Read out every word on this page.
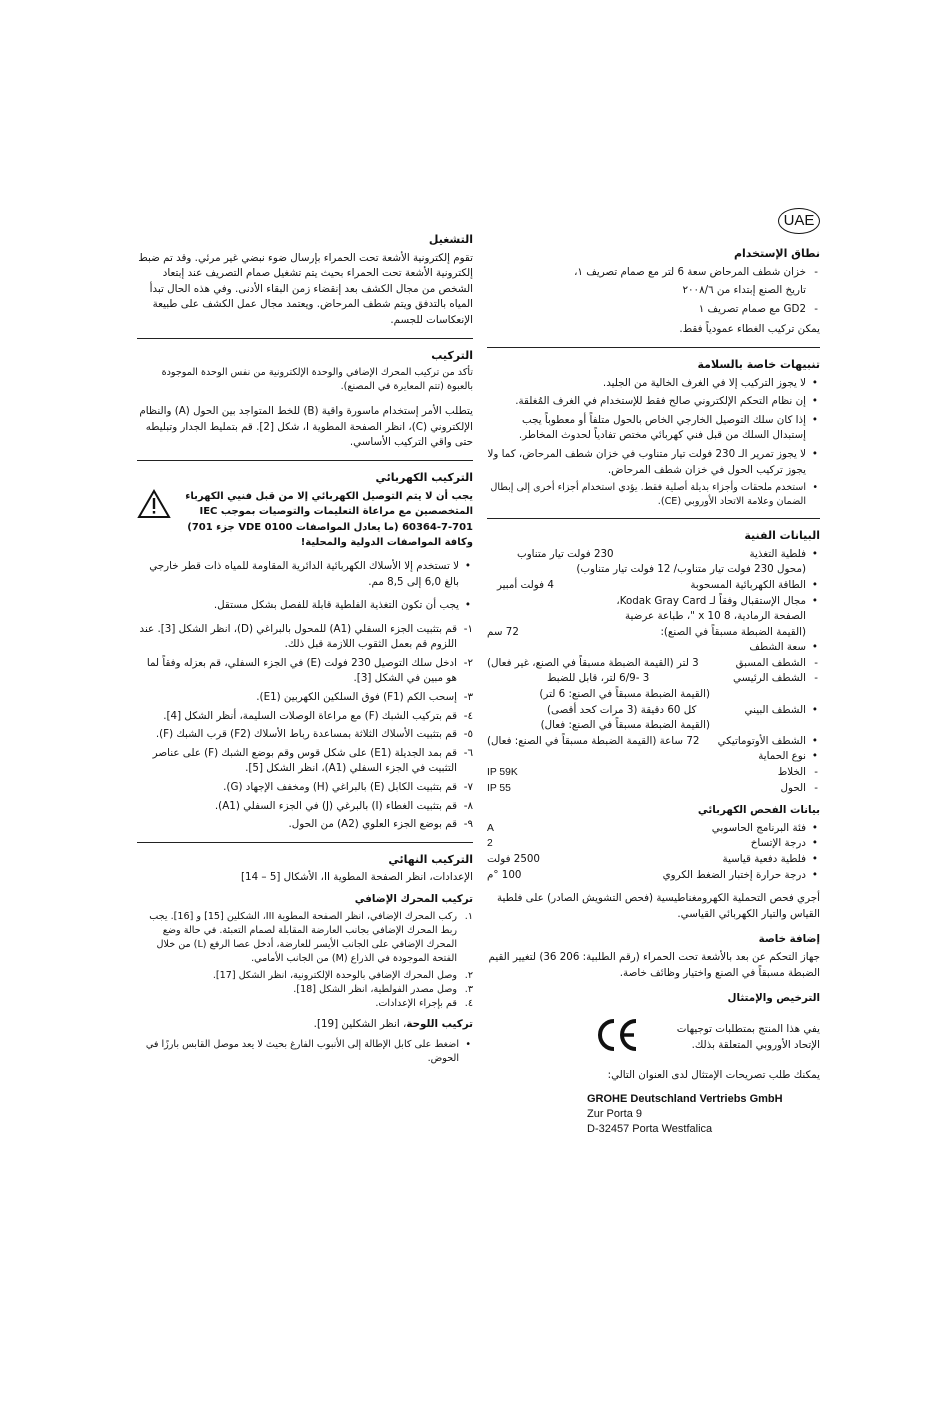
UAE
نطاق الإستخدام
- خزان شطف المرحاض سعة 6 لتر مع صمام تصريف ١،
تاريخ الصنع إبتداء من ٢٠٠٨/٦
- GD2 مع صمام تصريف ١

يمكن تركيب الغطاء عمودياً فقط.

تنبيهات خاصة بالسلامة
• لا يجوز التركيب إلا في الغرف الخالية من الجليد.
• إن نظام التحكم الإلكتروني صالح فقط للإستخدام في الغرف المُغلقة.
• إذا كان سلك التوصيل الخارجي الخاص بالحول متلفاً أو معطوباً يجب إستبدال السلك من قبل فني كهربائي مختص تفادياً لحدوث المخاطر.
• لا يجوز تمرير الـ 230 فولت تيار متناوب في خزان شطف المرحاض، كما ولا يجوز تركيب الحول في خزان شطف المرحاض.
• استخدم ملحقات وأجزاء بديلة أصلية فقط. يؤدي استخدام أجزاء أخرى إلى إبطال الضمان وعلامة الاتحاد الأوروبي (CE).
البيانات الفنية
•
فلطية التغذية
230 فولت تيار متناوب
(محول 230 فولت تيار متناوب/ 12 فولت تيار متناوب)
•
الطاقة الكهربائية المسحوبة
4 فولت أمبير
•
مجال الإستقبال وفقاً لـ Kodak Gray Card،
الصفحة الرمادية، 8 x 10 "، طباعة عرضية
(القيمة الضبطة مسبقاً في الصنع):
72 سم
•
سعة الشطف
-
الشطف المسبق
3 لتر (القيمة الضبطة مسبقاً في الصنع، غير فعال)
-
الشطف الرئيسي
3 -6/9 لتر، قابل للضبط
(القيمة الضبطة مسبقاً في الصنع: 6 لتر)
•
الشطف البيني
كل 60 دقيقة (3 مرات كحد أقصى)
(القيمة الضبطة مسبقاً في الصنع: فعال)
•
الشطف الأوتوماتيكي
72 ساعة (القيمة الضبطة مسبقاً في الصنع: فعال)
•
نوع الحماية
-
الخلاط
IP 59K
-
الحول
IP 55
بيانات الفحص الكهربائي
•
فئة البرنامج الحاسوبي
A
•
درجة الإتساخ
2
•
فلطية دفعية قياسية
2500 فولت
•
درجة حرارة إختبار الضغط الكروي
100 °م

أجري فحص التحملية الكهرومغناطيسية (فحص التشويش الصادر) على فلطية القياس والتيار الكهربائي القياسي.

إضافة خاصة

جهاز التحكم عن بعد بالأشعة تحت الحمراء (رقم الطلبية: 206 36) لتغيير القيم الضبطة مسبقاً في الصنع واختيار وظائف خاصة.

الترخيص والإمتثال
يفي هذا المنتج بمتطلبات توجيهات الإتحاد الأوروبي المتعلقة بذلك.

يمكنك طلب تصريحات الإمتثال لدى العنوان التالي:

GROHE Deutschland Vertriebs GmbH
Zur Porta 9
D-32457 Porta Westfalica
التشغيل

تقوم إلكترونية الأشعة تحت الحمراء بإرسال ضوء نبضي غير مرئي. وقد تم ضبط إلكترونية الأشعة تحت الحمراء بحيث يتم تشغيل صمام التصريف عند إبتعاد الشخص من مجال الكشف بعد إنقضاء زمن البقاء الأدنى. وفي هذه الحال تبدأ المياه بالتدفق ويتم شطف المرحاض. ويعتمد مجال عمل الكشف على طبيعة الإنعكاسات للجسم.

التركيب

تأكد من تركيب المحرك الإضافي والوحدة الإلكترونية من نفس الوحدة الموجودة بالعبوة (تتم المعايرة في المصنع).

يتطلب الأمر إستخدام ماسورة واقية (B) للخط المتواجد بين الحول (A) والنظام الإلكتروني (C)، انظر الصفحة المطوية I، شكل [2]. قم بتمليط الجدار وتبليطه حتى واقي التركيب الأساسي.

التركيب الكهربائي
يجب أن لا يتم التوصيل الكهربائي إلا من قبل فنيي الكهرباء المتخصصين مع مراعاة التعليمات والتوصيات بموجب IEC 60364-7-701 (ما يعادل المواصفات VDE 0100 جزء 701) وكافة المواصفات الدولية والمحلية!
• لا تستخدم إلا الأسلاك الكهربائية الدائرية المقاومة للمياه ذات قطر خارجي بالغ 6,0 إلى 8,5 مم.
• يجب أن تكون التغذية الفلطية قابلة للفصل بشكل مستقل.
١-
قم بتثبيت الجزء السفلي (A1) للمحول بالبراغي (D)، انظر الشكل [3]. عند اللزوم قم بعمل الثقوب اللازمة قبل ذلك.
٢-
ادخل سلك التوصيل 230 فولت (E) في الجزء السفلي، قم بعزله وفقاً لما هو مبين في الشكل [3].
٣-
إسحب الكم (F1) فوق السلكين الكهربين (E1).
٤-
قم بتركيب الشبك (F) مع مراعاة الوصلات السليمة، أنظر الشكل [4].
٥-
قم بتثبيت الأسلاك الثلاثة بمساعدة رباط الأسلاك (F2) قرب الشبك (F).
٦-
قم بمد الجديلة (E1) على شكل قوس وقم بوضع الشبك (F) على عناصر التثبيت في الجزء السفلي (A1)، انظر الشكل [5].
٧-
قم بتثبيت الكابل (E) بالبراغي (H) ومخفف الإجهاد (G).
٨-
قم بتثبيت الغطاء (I) بالبرغي (J) في الجزء السفلي (A1).
٩-
قم بوضع الجزء العلوي (A2) من الحول.
التركيب النهائي

الإعدادات، انظر الصفحة المطوية II، الأشكال [5 – 14]

تركيب المحرك الإضافي
١.
ركب المحرك الإضافي، انظر الصفحة المطوية III، الشكلين [15] و [16]. يجب ربط المحرك الإضافي بجانب العارضة المقابلة لصمام التعبئة. في حالة وضع المحرك الإضافي على الجانب الأيسر للعارضة، أدخل عصا الرفع (L) من خلال الفتحة الموجودة في الذراع (M) من الجانب الأمامي.
٢.
وصل المحرك الإضافي بالوحدة الإلكترونية، انظر الشكل [17].
٣.
وصل مصدر الفولطية، انظر الشكل [18].
٤.
قم بإجراء الإعدادات.

تركيب اللوحة، انظر الشكلين [19].

• اضغط على كابل الإطالة إلى الأنبوب الفارغ بحيث لا يعد موصل القابس بارزًا في الحوض.
